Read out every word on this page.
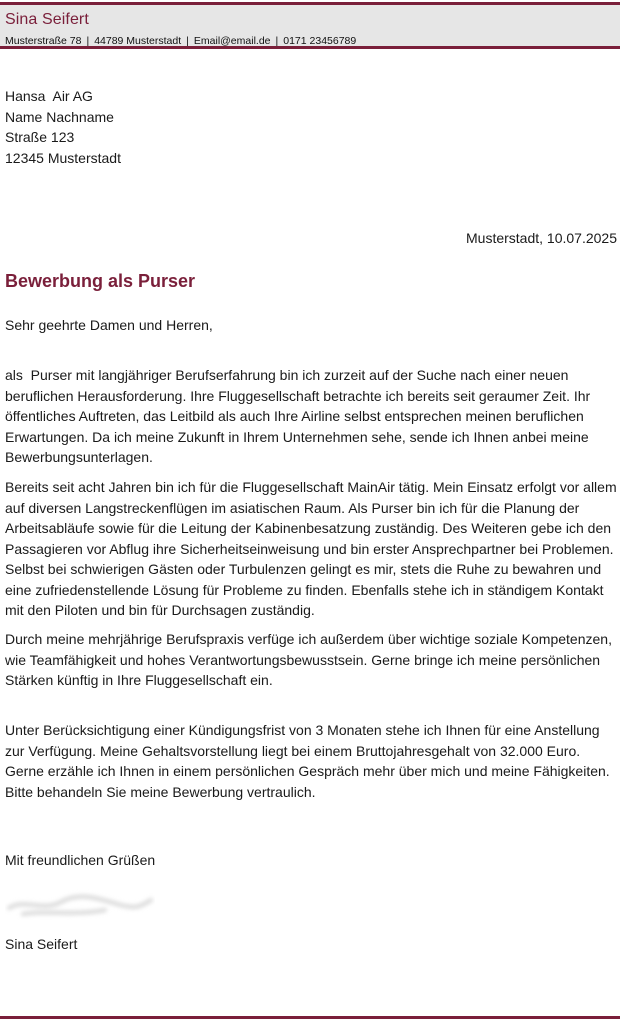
Sina Seifert
Musterstraße 78 | 44789 Musterstadt | Email@email.de | 0171 23456789
Hansa  Air AG
Name Nachname
Straße 123
12345 Musterstadt
Musterstadt, 10.07.2025
Bewerbung als Purser
Sehr geehrte Damen und Herren,
als  Purser mit langjähriger Berufserfahrung bin ich zurzeit auf der Suche nach einer neuen beruflichen Herausforderung. Ihre Fluggesellschaft betrachte ich bereits seit geraumer Zeit. Ihr öffentliches Auftreten, das Leitbild als auch Ihre Airline selbst entsprechen meinen beruflichen Erwartungen. Da ich meine Zukunft in Ihrem Unternehmen sehe, sende ich Ihnen anbei meine Bewerbungsunterlagen.
Bereits seit acht Jahren bin ich für die Fluggesellschaft MainAir tätig. Mein Einsatz erfolgt vor allem auf diversen Langstreckenflügen im asiatischen Raum. Als Purser bin ich für die Planung der Arbeitsabläufe sowie für die Leitung der Kabinenbesatzung zuständig. Des Weiteren gebe ich den Passagieren vor Abflug ihre Sicherheitseinweisung und bin erster Ansprechpartner bei Problemen. Selbst bei schwierigen Gästen oder Turbulenzen gelingt es mir, stets die Ruhe zu bewahren und eine zufriedenstellende Lösung für Probleme zu finden. Ebenfalls stehe ich in ständigem Kontakt mit den Piloten und bin für Durchsagen zuständig.
Durch meine mehrjährige Berufspraxis verfüge ich außerdem über wichtige soziale Kompetenzen, wie Teamfähigkeit und hohes Verantwortungsbewusstsein. Gerne bringe ich meine persönlichen Stärken künftig in Ihre Fluggesellschaft ein.
Unter Berücksichtigung einer Kündigungsfrist von 3 Monaten stehe ich Ihnen für eine Anstellung zur Verfügung. Meine Gehaltsvorstellung liegt bei einem Bruttojahresgehalt von 32.000 Euro. Gerne erzähle ich Ihnen in einem persönlichen Gespräch mehr über mich und meine Fähigkeiten. Bitte behandeln Sie meine Bewerbung vertraulich.
Mit freundlichen Grüßen
Sina Seifert
